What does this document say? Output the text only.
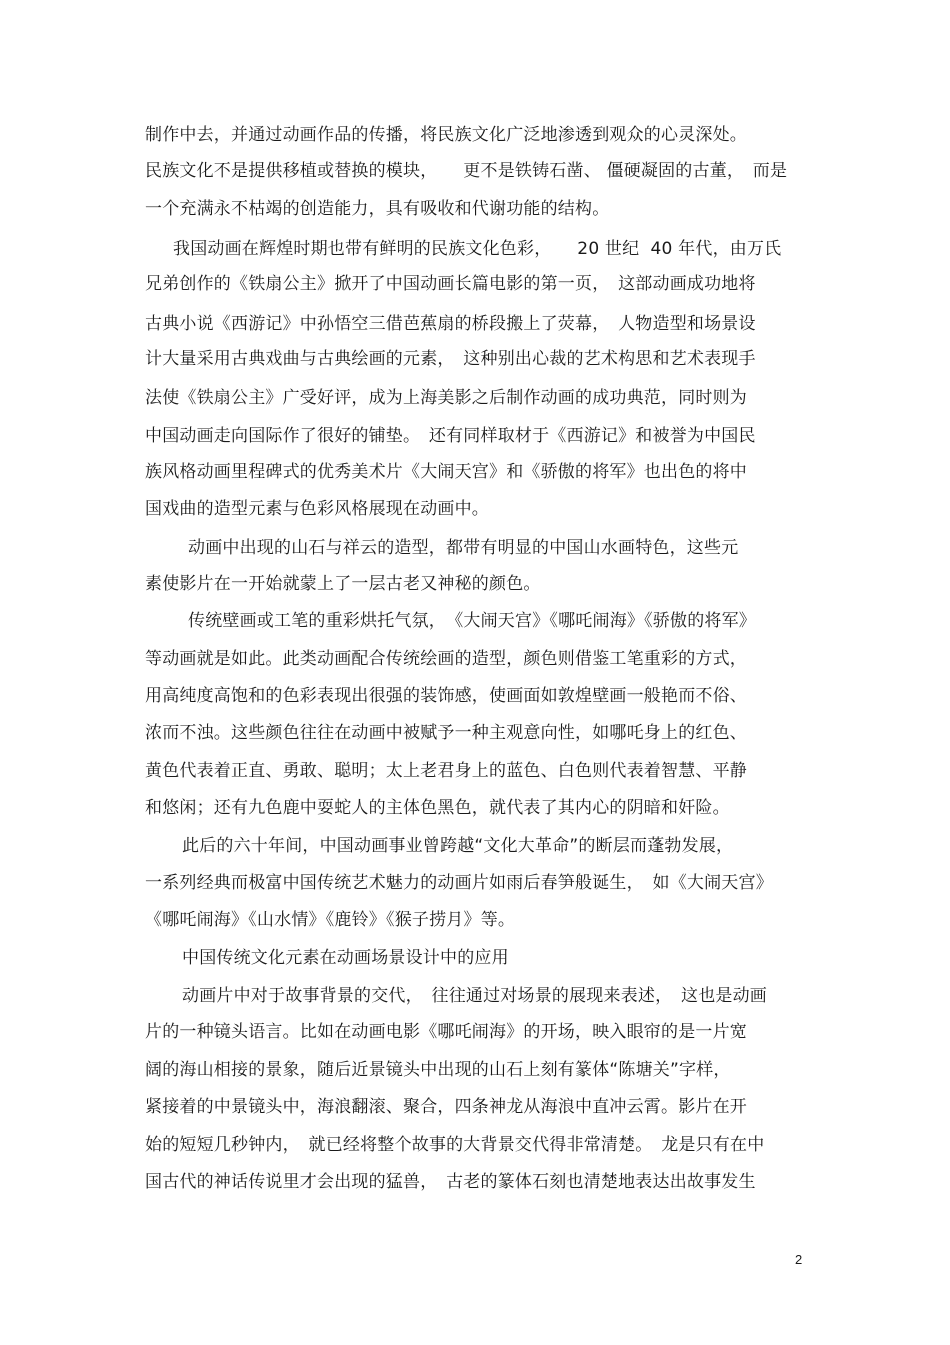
制作中去，并通过动画作品的传播，将民族文化广泛地渗透到观众的心灵深处。
民族文化不是提供移植或替换的模块，　　更不是铁铸石凿、 僵硬凝固的古董，　而是
一个充满永不枯竭的创造能力，具有吸收和代谢功能的结构。
我国动画在辉煌时期也带有鲜明的民族文化色彩，　　20 世纪  40 年代，由万氏
兄弟创作的《铁扇公主》掀开了中国动画长篇电影的第一页，　这部动画成功地将
古典小说《西游记》中孙悟空三借芭蕉扇的桥段搬上了荧幕，　人物造型和场景设
计大量采用古典戏曲与古典绘画的元素，　这种别出心裁的艺术构思和艺术表现手
法使《铁扇公主》广受好评，成为上海美影之后制作动画的成功典范，同时则为
中国动画走向国际作了很好的铺垫。　还有同样取材于《西游记》和被誉为中国民
族风格动画里程碑式的优秀美术片《大闹天宫》和《骄傲的将军》也出色的将中
国戏曲的造型元素与色彩风格展现在动画中。
动画中出现的山石与祥云的造型，都带有明显的中国山水画特色，这些元
素使影片在一开始就蒙上了一层古老又神秘的颜色。
传统壁画或工笔的重彩烘托气氛，　《大闹天宫》《哪吒闹海》《骄傲的将军》
等动画就是如此。此类动画配合传统绘画的造型，颜色则借鉴工笔重彩的方式，
用高纯度高饱和的色彩表现出很强的装饰感，使画面如敦煌壁画一般艳而不俗、
浓而不浊。这些颜色往往在动画中被赋予一种主观意向性，如哪吒身上的红色、
黄色代表着正直、勇敢、聪明；太上老君身上的蓝色、白色则代表着智慧、平静
和悠闲；还有九色鹿中耍蛇人的主体色黑色，就代表了其内心的阴暗和奸险。
此后的六十年间，中国动画事业曾跨越“文化大革命”的断层而蓬勃发展，
一系列经典而极富中国传统艺术魅力的动画片如雨后春笋般诞生，　如《大闹天宫》
《哪吒闹海》《山水情》《鹿铃》《猴子捞月》等。
中国传统文化元素在动画场景设计中的应用
动画片中对于故事背景的交代，　往往通过对场景的展现来表述，　这也是动画
片的一种镜头语言。比如在动画电影《哪吒闹海》的开场，映入眼帘的是一片宽
阔的海山相接的景象，随后近景镜头中出现的山石上刻有篆体“陈塘关”字样，
紧接着的中景镜头中，海浪翻滚、聚合，四条神龙从海浪中直冲云霄。影片在开
始的短短几秒钟内，　就已经将整个故事的大背景交代得非常清楚。　龙是只有在中
国古代的神话传说里才会出现的猛兽，　古老的篆体石刻也清楚地表达出故事发生
2
